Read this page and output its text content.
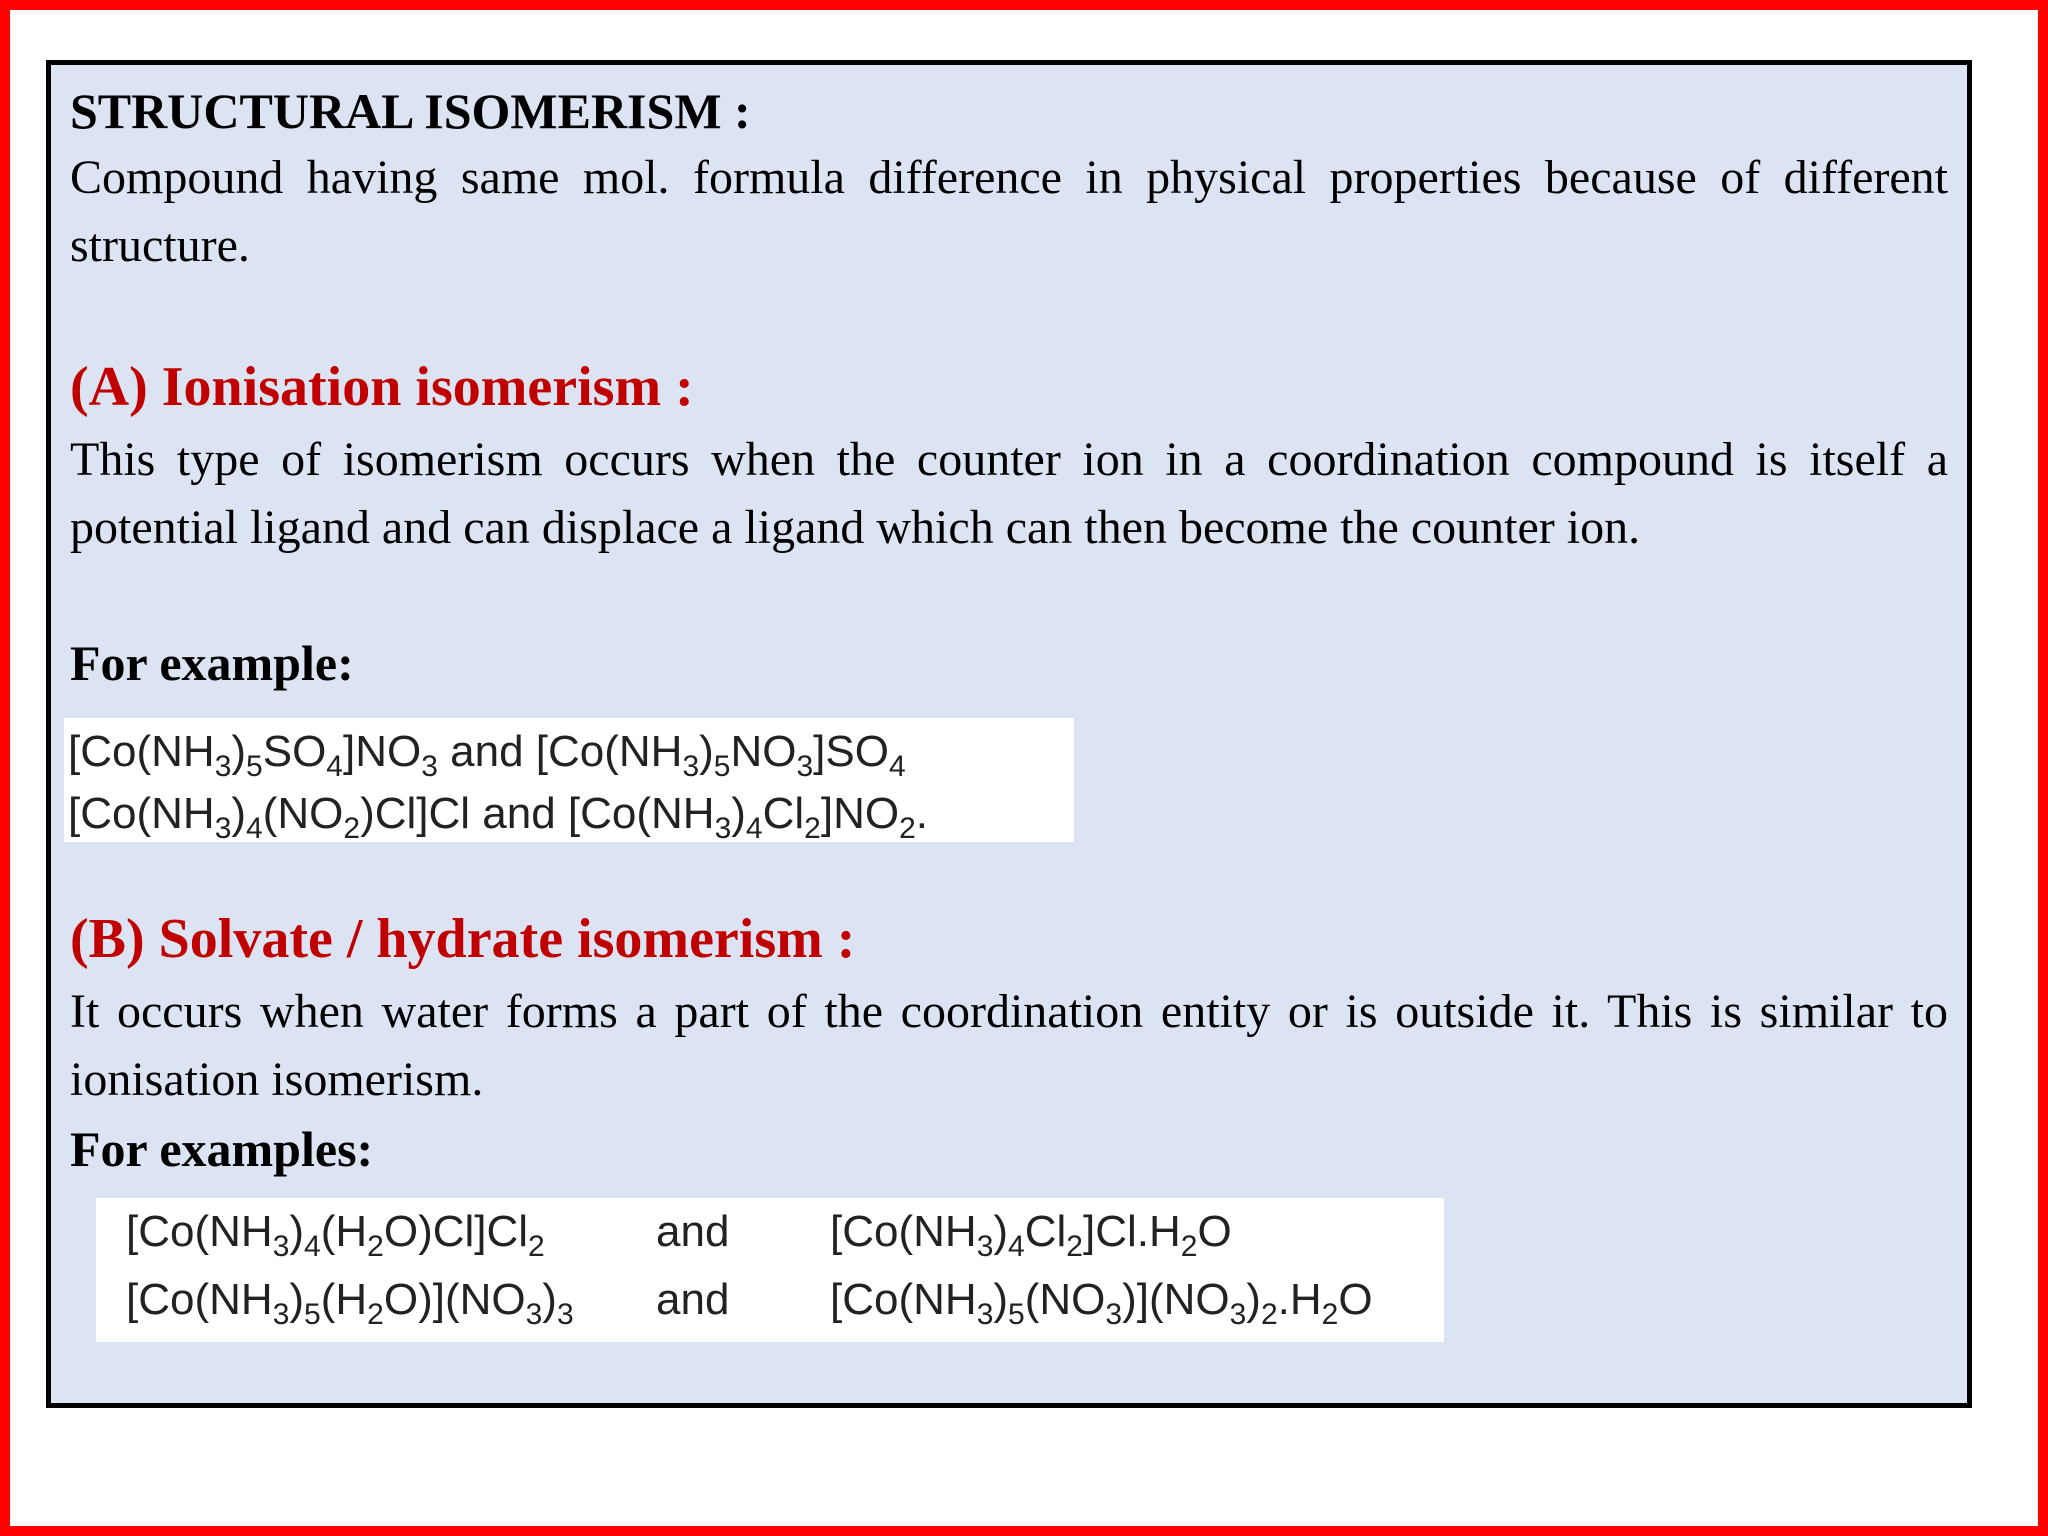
STRUCTURAL ISOMERISM :
Compound having same mol. formula difference in physical properties because of different structure.
(A) Ionisation isomerism :
This type of isomerism occurs when the counter ion in a coordination compound is itself a potential ligand and can displace a ligand which can then become the counter ion.
For example:
$[Co(NH_3)_5SO_4]NO_3$ and $[Co(NH_3)_5NO_3]SO_4$
$[Co(NH_3)_4(NO_2)Cl]Cl$ and $[Co(NH_3)_4Cl_2]NO_2$.
(B) Solvate / hydrate isomerism :
It occurs when water forms a part of the coordination entity or is outside it. This is similar to ionisation isomerism.
For examples:
$[Co(NH_3)_4(H_2O)Cl]Cl_2$	and $[Co(NH_3)_4Cl_2]Cl.H_2O$
$[Co(NH_3)_5(H_2O)](NO_3)_3$ and $[Co(NH_3)_5(NO_3)](NO_3)_2.H_2O$
